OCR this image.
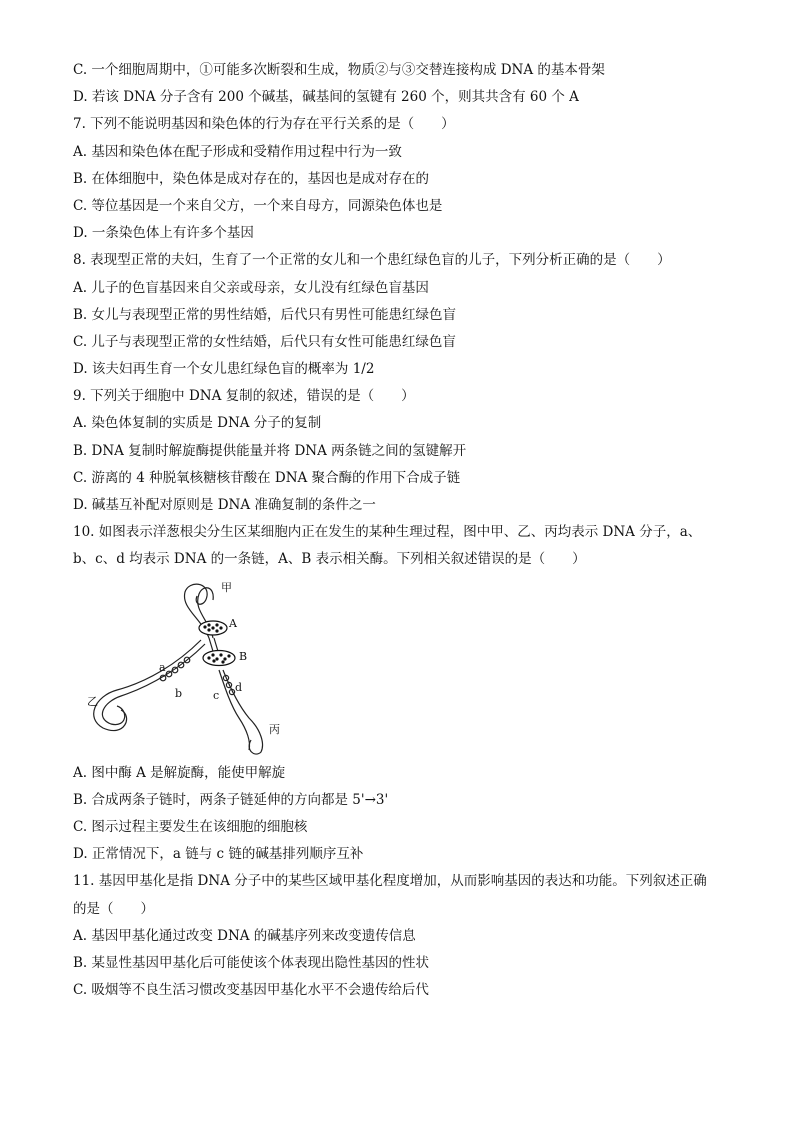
C. 一个细胞周期中，①可能多次断裂和生成，物质②与③交替连接构成 DNA 的基本骨架
D. 若该 DNA 分子含有 200 个碱基，碱基间的氢键有 260 个，则其共含有 60 个 A
7. 下列不能说明基因和染色体的行为存在平行关系的是（　　）
A. 基因和染色体在配子形成和受精作用过程中行为一致
B. 在体细胞中，染色体是成对存在的，基因也是成对存在的
C. 等位基因是一个来自父方，一个来自母方，同源染色体也是
D. 一条染色体上有许多个基因
8. 表现型正常的夫妇，生育了一个正常的女儿和一个患红绿色盲的儿子，下列分析正确的是（　　）
A. 儿子的色盲基因来自父亲或母亲，女儿没有红绿色盲基因
B. 女儿与表现型正常的男性结婚，后代只有男性可能患红绿色盲
C. 儿子与表现型正常的女性结婚，后代只有女性可能患红绿色盲
D. 该夫妇再生育一个女儿患红绿色盲的概率为 1/2
9. 下列关于细胞中 DNA 复制的叙述，错误的是（　　）
A. 染色体复制的实质是 DNA 分子的复制
B. DNA 复制时解旋酶提供能量并将 DNA 两条链之间的氢键解开
C. 游离的 4 种脱氧核糖核苷酸在 DNA 聚合酶的作用下合成子链
D. 碱基互补配对原则是 DNA 准确复制的条件之一
10. 如图表示洋葱根尖分生区某细胞内正在发生的某种生理过程，图中甲、乙、丙均表示 DNA 分子，a、
b、c、d 均表示 DNA 的一条链，A、B 表示相关酶。下列相关叙述错误的是（　　）
甲
A
B
a
b	c
d
乙
丙
A. 图中酶 A 是解旋酶，能使甲解旋
B. 合成两条子链时，两条子链延伸的方向都是 5'→3'
C. 图示过程主要发生在该细胞的细胞核
D. 正常情况下，a 链与 c 链的碱基排列顺序互补
11. 基因甲基化是指 DNA 分子中的某些区域甲基化程度增加，从而影响基因的表达和功能。下列叙述正确
的是（　　）
A. 基因甲基化通过改变 DNA 的碱基序列来改变遗传信息
B. 某显性基因甲基化后可能使该个体表现出隐性基因的性状
C. 吸烟等不良生活习惯改变基因甲基化水平不会遗传给后代
